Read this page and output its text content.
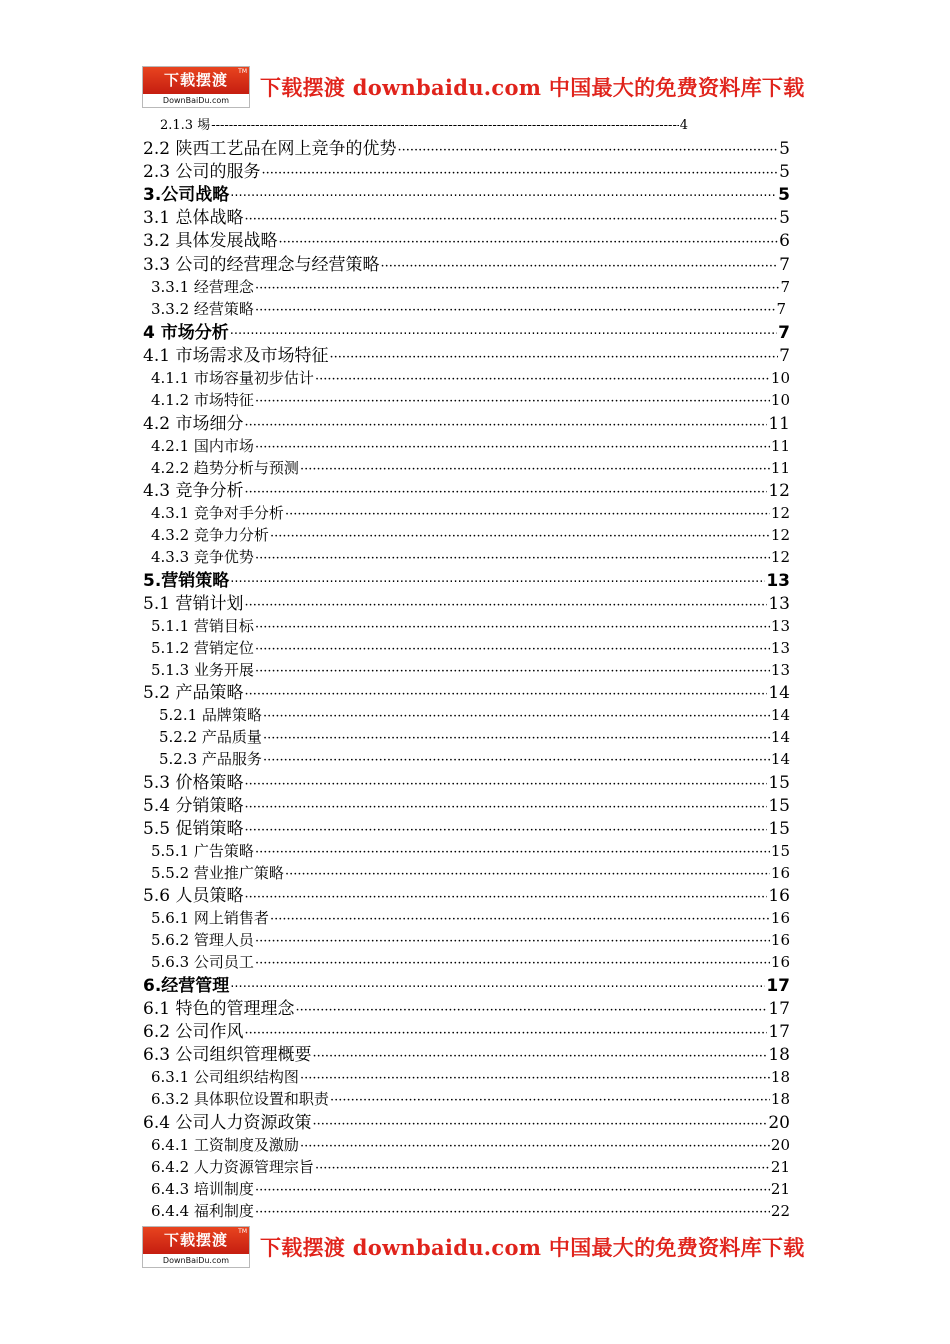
下载摆渡	TM
DownBaiDu.com
下载摆渡 downbaidu.com 中国最大的免费资料库下载
2.1.3 埸 -----	4
2.2 陕西工艺品在网上竞争的优势 ·····	5
2.3 公司的服务 ·····	5
3.公司战略 ·····	5
3.1 总体战略 ·····	5
3.2 具体发展战略 ·····	6
3.3 公司的经营理念与经营策略 ·····	7
3.3.1 经营理念 ·····	7
3.3.2 经营策略 ·····	7
4 市场分析 ·····	7
4.1 市场需求及市场特征 ·····	7
4.1.1 市场容量初步估计 ·····	10
4.1.2 市场特征 ·····	10
4.2 市场细分 ·····	11
4.2.1 国内市场 ·····	11
4.2.2 趋势分析与预测 ·····	11
4.3 竞争分析 ·····	12
4.3.1 竞争对手分析 ·····	12
4.3.2 竞争力分析 ·····	12
4.3.3 竞争优势 ·····	12
5.营销策略 ·····	13
5.1 营销计划 ·····	13
5.1.1 营销目标 ·····	13
5.1.2 营销定位 ·····	13
5.1.3 业务开展 ·····	13
5.2 产品策略 ·····	14
5.2.1 品牌策略 ·····	14
5.2.2 产品质量 ·····	14
5.2.3 产品服务 ·····	14
5.3 价格策略 ·····	15
5.4 分销策略 ·····	15
5.5 促销策略 ·····	15
5.5.1 广告策略 ·····	15
5.5.2 营业推广策略 ·····	16
5.6 人员策略 ·····	16
5.6.1 网上销售者 ·····	16
5.6.2 管理人员 ·····	16
5.6.3 公司员工 ·····	16
6.经营管理 ·····	17
6.1 特色的管理理念 ·····	17
6.2 公司作风 ·····	17
6.3 公司组织管理概要 ·····	18
6.3.1 公司组织结构图 ·····	18
6.3.2 具体职位设置和职责 ·····	18
6.4 公司人力资源政策 ·····	20
6.4.1 工资制度及激励 ·····	20
6.4.2 人力资源管理宗旨 ·····	21
6.4.3 培训制度 ·····	21
6.4.4 福利制度 ·····	22
下载摆渡	TM
DownBaiDu.com
下载摆渡 downbaidu.com 中国最大的免费资料库下载
